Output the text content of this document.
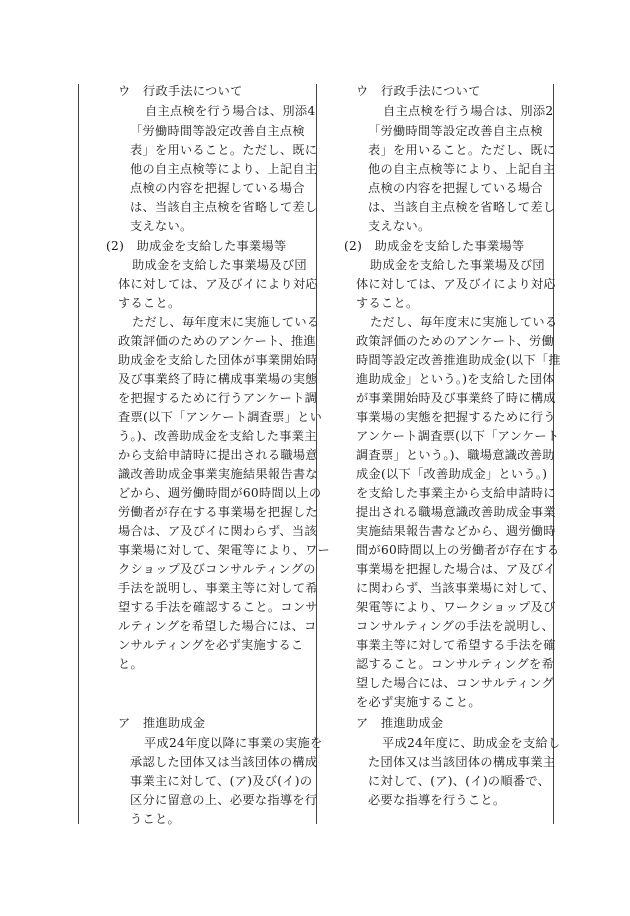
ウ　行政手法について
自主点検を行う場合は、別添4
「労働時間等設定改善自主点検
表」を用いること。ただし、既に
他の自主点検等により、上記自主
点検の内容を把握している場合
は、当該自主点検を省略して差し
支えない。
(2)　助成金を支給した事業場等
助成金を支給した事業場及び団
体に対しては、ア及びイにより対応
すること。
ただし、毎年度末に実施している
政策評価のためのアンケート、推進
助成金を支給した団体が事業開始時
及び事業終了時に構成事業場の実態
を把握するために行うアンケート調
査票(以下「アンケート調査票」とい
う。)、改善助成金を支給した事業主
から支給申請時に提出される職場意
識改善助成金事業実施結果報告書な
どから、週労働時間が60時間以上の
労働者が存在する事業場を把握した
場合は、ア及びイに関わらず、当該
事業場に対して、架電等により、ワー
クショップ及びコンサルティングの
手法を説明し、事業主等に対して希
望する手法を確認すること。コンサ
ルティングを希望した場合には、コ
ンサルティングを必ず実施するこ
と。
ア　推進助成金
平成24年度以降に事業の実施を
承認した団体又は当該団体の構成
事業主に対して、(ア)及び(イ)の
区分に留意の上、必要な指導を行
うこと。
ウ　行政手法について
自主点検を行う場合は、別添2
「労働時間等設定改善自主点検
表」を用いること。ただし、既に
他の自主点検等により、上記自主
点検の内容を把握している場合
は、当該自主点検を省略して差し
支えない。
(2)　助成金を支給した事業場等
助成金を支給した事業場及び団
体に対しては、ア及びイにより対応
すること。
ただし、毎年度末に実施している
政策評価のためのアンケート、労働
時間等設定改善推進助成金(以下「推
進助成金」という。)を支給した団体
が事業開始時及び事業終了時に構成
事業場の実態を把握するために行う
アンケート調査票(以下「アンケート
調査票」という。)、職場意識改善助
成金(以下「改善助成金」という。)
を支給した事業主から支給申請時に
提出される職場意識改善助成金事業
実施結果報告書などから、週労働時
間が60時間以上の労働者が存在する
事業場を把握した場合は、ア及びイ
に関わらず、当該事業場に対して、
架電等により、ワークショップ及び
コンサルティングの手法を説明し、
事業主等に対して希望する手法を確
認すること。コンサルティングを希
望した場合には、コンサルティング
を必ず実施すること。
ア　推進助成金
平成24年度に、助成金を支給し
た団体又は当該団体の構成事業主
に対して、(ア)、(イ)の順番で、
必要な指導を行うこと。
